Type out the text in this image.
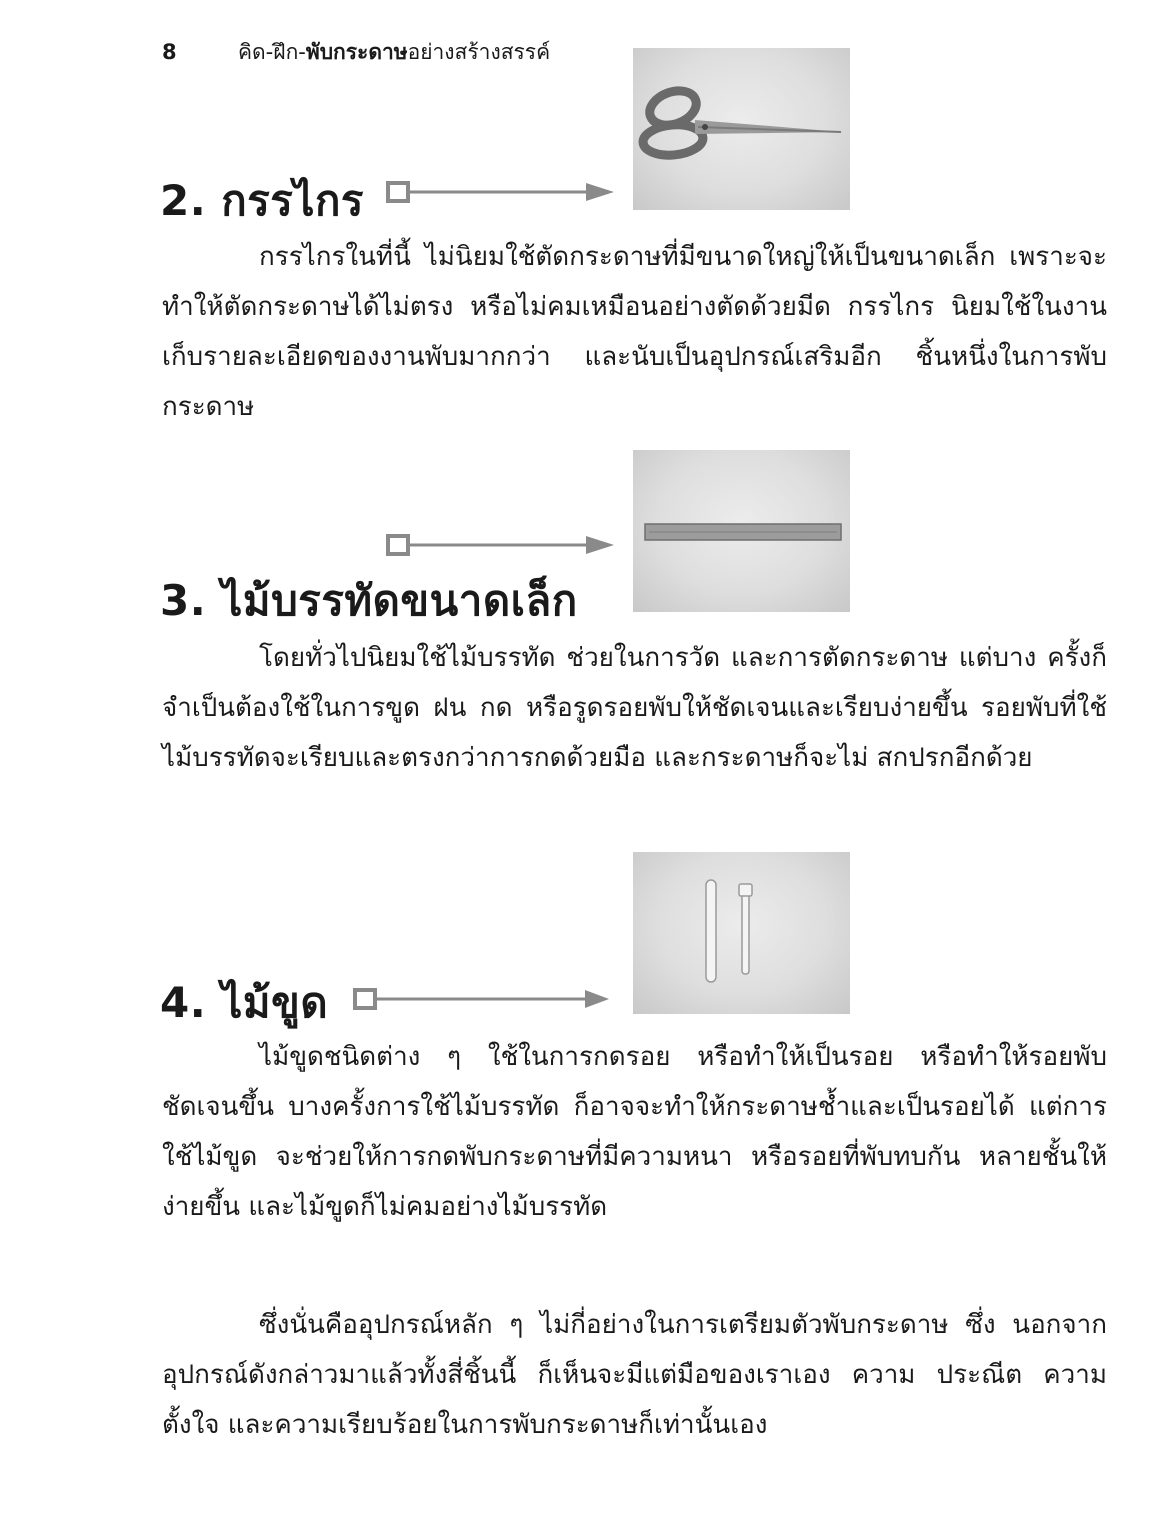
8	คิด-ฝึก-พับกระดาษอย่างสร้างสรรค์
2. กรรไกร
กรรไกรในที่นี้ ไม่นิยมใช้ตัดกระดาษที่มีขนาดใหญ่ให้เป็นขนาดเล็ก เพราะจะทำให้ตัดกระดาษได้ไม่ตรง หรือไม่คมเหมือนอย่างตัดด้วยมีด กรรไกร นิยมใช้ในงานเก็บรายละเอียดของงานพับมากกว่า และนับเป็นอุปกรณ์เสริมอีก ชิ้นหนึ่งในการพับกระดาษ
3. ไม้บรรทัดขนาดเล็ก
โดยทั่วไปนิยมใช้ไม้บรรทัด ช่วยในการวัด และการตัดกระดาษ แต่บาง ครั้งก็จำเป็นต้องใช้ในการขูด ฝน กด หรือรูดรอยพับให้ชัดเจนและเรียบง่ายขึ้น รอยพับที่ใช้ไม้บรรทัดจะเรียบและตรงกว่าการกดด้วยมือ และกระดาษก็จะไม่ สกปรกอีกด้วย
4. ไม้ขูด
ไม้ขูดชนิดต่าง ๆ ใช้ในการกดรอย หรือทำให้เป็นรอย หรือทำให้รอยพับ ชัดเจนขึ้น บางครั้งการใช้ไม้บรรทัด ก็อาจจะทำให้กระดาษช้ำและเป็นรอยได้ แต่การใช้ไม้ขูด จะช่วยให้การกดพับกระดาษที่มีความหนา หรือรอยที่พับทบกัน หลายชั้นให้ง่ายขึ้น และไม้ขูดก็ไม่คมอย่างไม้บรรทัด
ซึ่งนั่นคืออุปกรณ์หลัก ๆ ไม่กี่อย่างในการเตรียมตัวพับกระดาษ ซึ่ง นอกจากอุปกรณ์ดังกล่าวมาแล้วทั้งสี่ชิ้นนี้ ก็เห็นจะมีแต่มือของเราเอง ความ ประณีต ความตั้งใจ และความเรียบร้อยในการพับกระดาษก็เท่านั้นเอง
